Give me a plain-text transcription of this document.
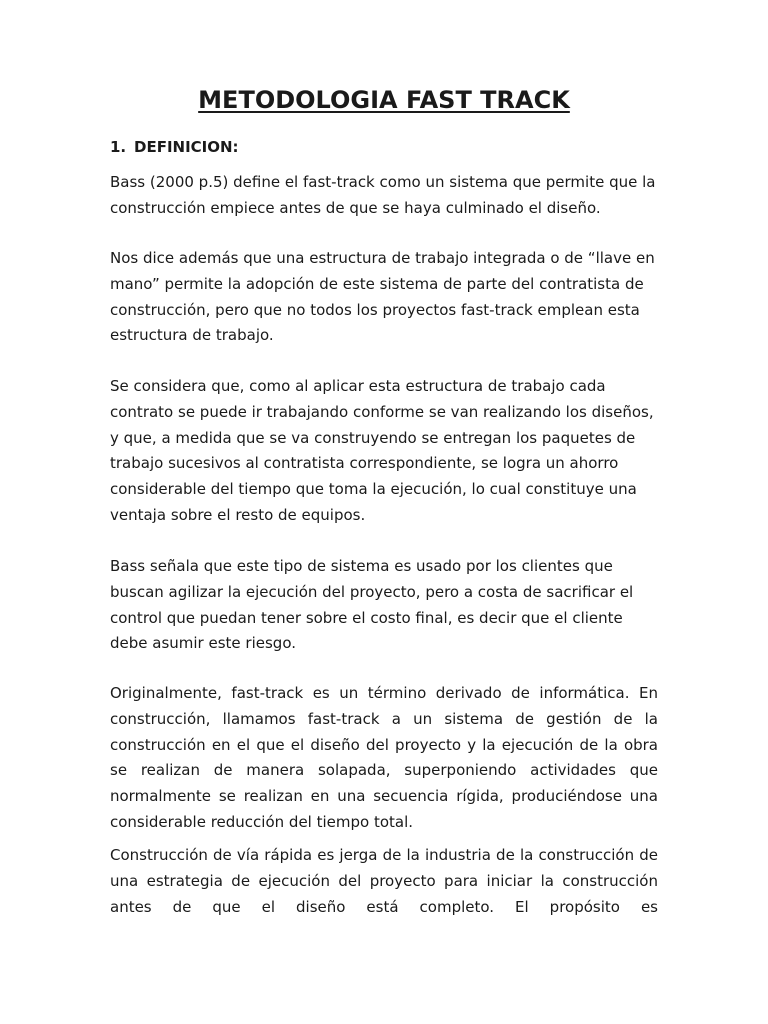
METODOLOGIA FAST TRACK
1. DEFINICION:

Bass (2000 p.5) define el fast-track como un sistema que permite que la construcción empiece antes de que se haya culminado el diseño.

Nos dice además que una estructura de trabajo integrada o de “llave en mano” permite la adopción de este sistema de parte del contratista de construcción, pero que no todos los proyectos fast-track emplean esta estructura de trabajo.

Se considera que, como al aplicar esta estructura de trabajo cada contrato se puede ir trabajando conforme se van realizando los diseños, y que, a medida que se va construyendo se entregan los paquetes de trabajo sucesivos al contratista correspondiente, se logra un ahorro considerable del tiempo que toma la ejecución, lo cual constituye una ventaja sobre el resto de equipos.

Bass señala que este tipo de sistema es usado por los clientes que buscan agilizar la ejecución del proyecto, pero a costa de sacrificar el control que puedan tener sobre el costo final, es decir que el cliente debe asumir este riesgo.

Originalmente, fast-track es un término derivado de informática. En construcción, llamamos fast-track a un sistema de gestión de la construcción en el que el diseño del proyecto y la ejecución de la obra se realizan de manera solapada, superponiendo actividades que normalmente se realizan en una secuencia rígida, produciéndose una considerable reducción del tiempo total.

Construcción de vía rápida es jerga de la industria de la construcción de una estrategia de ejecución del proyecto para iniciar la construcción antes de que el diseño está completo. El propósito es
